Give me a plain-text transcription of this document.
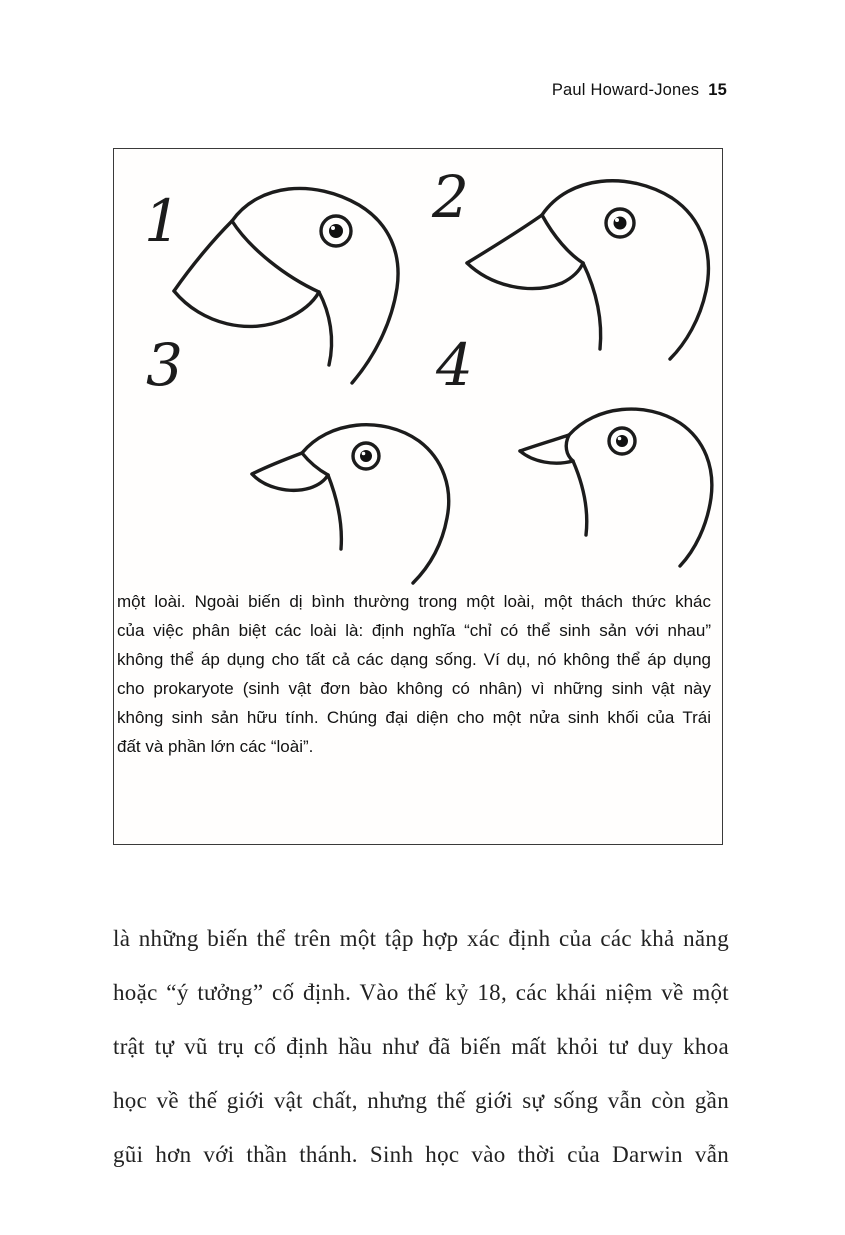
Paul Howard-Jones 15
1	2
3	4
một loài. Ngoài biến dị bình thường trong một loài, một thách thức khác
của việc phân biệt các loài là: định nghĩa “chỉ có thể sinh sản với nhau”
không thể áp dụng cho tất cả các dạng sống. Ví dụ, nó không thể áp dụng
cho prokaryote (sinh vật đơn bào không có nhân) vì những sinh vật này
không sinh sản hữu tính. Chúng đại diện cho một nửa sinh khối của Trái
đất và phần lớn các “loài”.
là những biến thể trên một tập hợp xác định của các khả năng
hoặc “ý tưởng” cố định. Vào thế kỷ 18, các khái niệm về một
trật tự vũ trụ cố định hầu như đã biến mất khỏi tư duy khoa
học về thế giới vật chất, nhưng thế giới sự sống vẫn còn gần
gũi hơn với thần thánh. Sinh học vào thời của Darwin vẫn
